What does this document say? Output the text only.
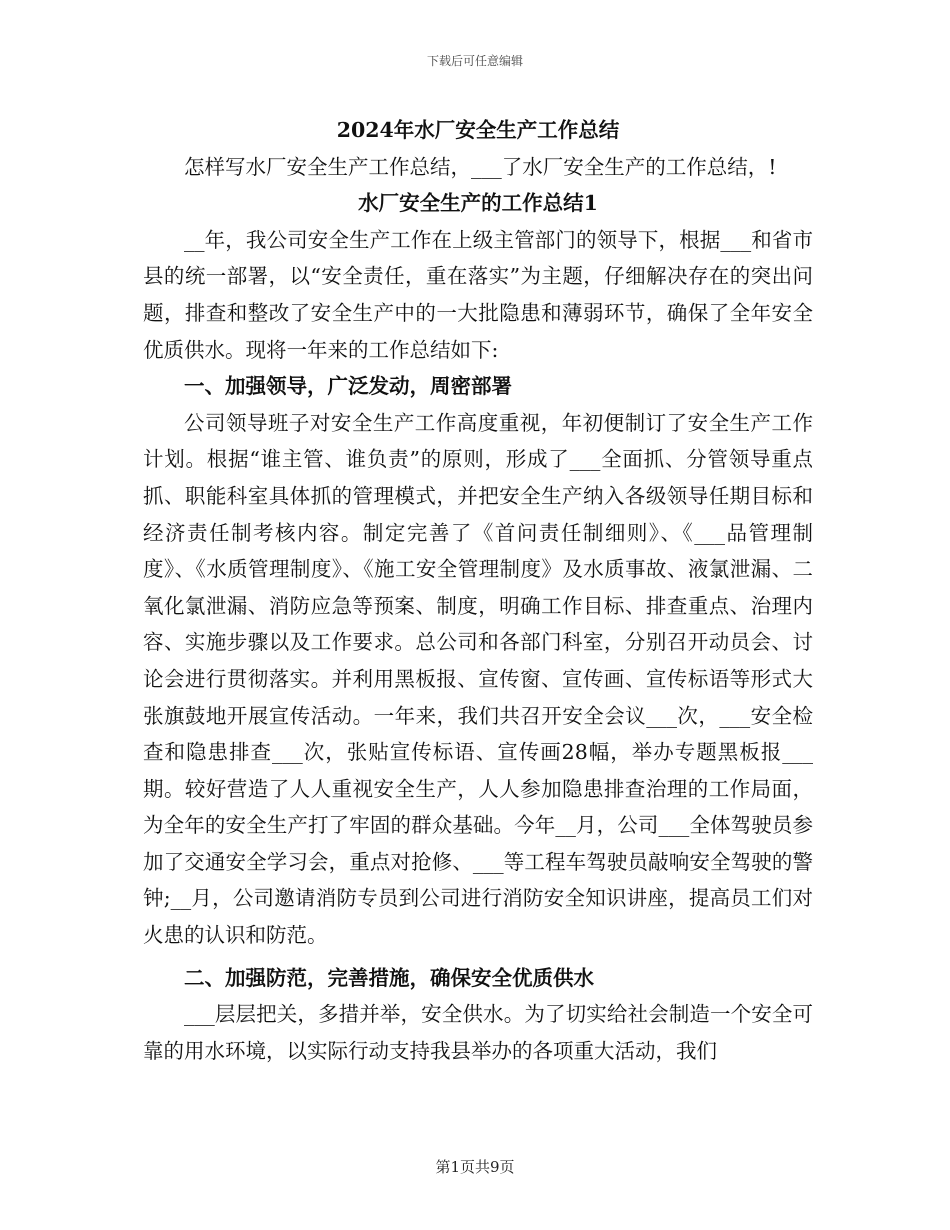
下载后可任意编辑

2024年水厂安全生产工作总结

怎样写水厂安全生产工作总结，___了水厂安全生产的工作总结，!

水厂安全生产的工作总结1

__年，我公司安全生产工作在上级主管部门的领导下，根据___和省市县的统一部署，以“安全责任，重在落实”为主题，仔细解决存在的突出问题，排查和整改了安全生产中的一大批隐患和薄弱环节，确保了全年安全优质供水。现将一年来的工作总结如下:

一、加强领导，广泛发动，周密部署

公司领导班子对安全生产工作高度重视，年初便制订了安全生产工作计划。根据“谁主管、谁负责”的原则，形成了___全面抓、分管领导重点抓、职能科室具体抓的管理模式，并把安全生产纳入各级领导任期目标和经济责任制考核内容。制定完善了《首问责任制细则》、《___品管理制度》、《水质管理制度》、《施工安全管理制度》及水质事故、液氯泄漏、二氧化氯泄漏、消防应急等预案、制度，明确工作目标、排查重点、治理内容、实施步骤以及工作要求。总公司和各部门科室，分别召开动员会、讨论会进行贯彻落实。并利用黑板报、宣传窗、宣传画、宣传标语等形式大张旗鼓地开展宣传活动。一年来，我们共召开安全会议___次，___安全检查和隐患排查___次，张贴宣传标语、宣传画28幅，举办专题黑板报___期。较好营造了人人重视安全生产，人人参加隐患排查治理的工作局面，为全年的安全生产打了牢固的群众基础。今年__月，公司___全体驾驶员参加了交通安全学习会，重点对抢修、___等工程车驾驶员敲响安全驾驶的警钟;__月，公司邀请消防专员到公司进行消防安全知识讲座，提高员工们对火患的认识和防范。

二、加强防范，完善措施，确保安全优质供水

___层层把关，多措并举，安全供水。为了切实给社会制造一个安全可靠的用水环境，以实际行动支持我县举办的各项重大活动，我们

第1页共9页
